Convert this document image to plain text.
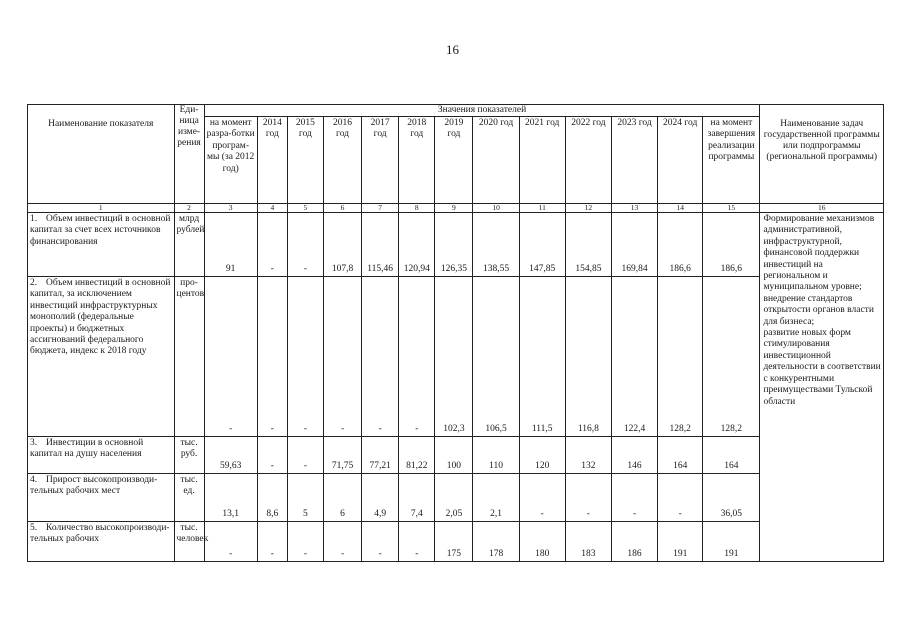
16
Наименование показателя	Еди-ница изме-рения	Значения показателей													Наименование задач государственной программы или подпрограммы (региональной программы)
		на момент разра-ботки програм-мы (за 2012 год)	2014 год	2015 год	2016 год	2017 год	2018 год	2019 год	2020 год	2021 год	2022 год	2023 год	2024 год	на момент завершения реализации программы	
1	2	3	4	5	6	7	8	9	10	11	12	13	14	15	16
1. Объем инвестиций в основной капитал за счет всех источников финансирования	млрд рублей	91	-	-	107,8	115,46	120,94	126,35	138,55	147,85	154,85	169,84	186,6	186,6	Формирование механизмов административной, инфраструктурной, финансовой поддержки инвестиций на региональном и муниципальном уровне;
внедрение стандартов открытости органов власти для бизнеса;
развитие новых форм стимулирования инвестиционной деятельности в соответствии с конкурентными преимуществами Тульской области

2. Объем инвестиций в основной капитал, за исключением инвестиций инфраструктурных монополий (федеральные проекты) и бюджетных ассигнований федерального бюджета, индекс к 2018 году	про-центов	-	-	-	-	-	-	102,3	106,5	111,5	116,8	122,4	128,2	128,2	
3. Инвестиции в основной капитал на душу населения	тыс. руб.	59,63	-	-	71,75	77,21	81,22	100	110	120	132	146	164	164	
4. Прирост высокопроизводи-тельных рабочих мест	тыс. ед.	13,1	8,6	5	6	4,9	7,4	2,05	2,1	-	-	-	-	36,05	
5. Количество высокопроизводи-тельных рабочих	тыс. человек	-	-	-	-	-	-	175	178	180	183	186	191	191	
